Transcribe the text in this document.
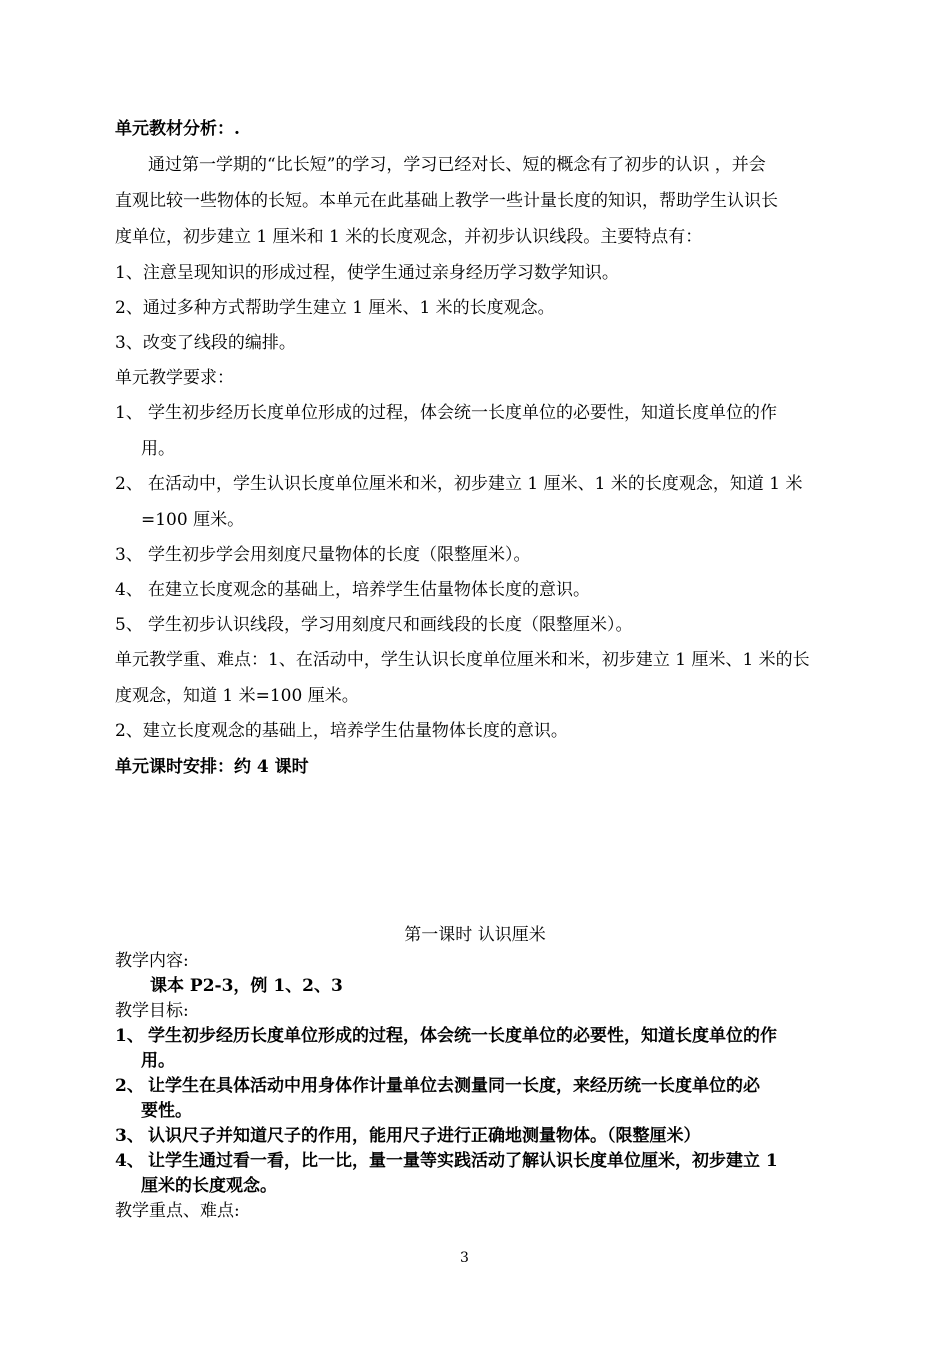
单元教材分析：.
通过第一学期的“比长短”的学习，学习已经对长、短的概念有了初步的认识 ，并会
直观比较一些物体的长短。本单元在此基础上教学一些计量长度的知识，帮助学生认识长
度单位，初步建立 1 厘米和 1 米的长度观念，并初步认识线段。主要特点有：
1、注意呈现知识的形成过程，使学生通过亲身经历学习数学知识。
2、通过多种方式帮助学生建立 1 厘米、1 米的长度观念。
3、改变了线段的编排。
单元教学要求：
1、 学生初步经历长度单位形成的过程，体会统一长度单位的必要性，知道长度单位的作
用。
2、 在活动中，学生认识长度单位厘米和米，初步建立 1 厘米、1 米的长度观念，知道 1 米
=100 厘米。
3、 学生初步学会用刻度尺量物体的长度（限整厘米）。
4、 在建立长度观念的基础上，培养学生估量物体长度的意识。
5、 学生初步认识线段，学习用刻度尺和画线段的长度（限整厘米）。
单元教学重、难点：1、在活动中，学生认识长度单位厘米和米，初步建立 1 厘米、1 米的长
度观念，知道 1 米=100 厘米。
2、建立长度观念的基础上，培养学生估量物体长度的意识。
单元课时安排：约 4 课时
第一课时 认识厘米
教学内容:
课本 P2-3，例 1、2、3
教学目标:
1、 学生初步经历长度单位形成的过程，体会统一长度单位的必要性，知道长度单位的作
用。
2、 让学生在具体活动中用身体作计量单位去测量同一长度，来经历统一长度单位的必
要性。
3、 认识尺子并知道尺子的作用，能用尺子进行正确地测量物体。（限整厘米）
4、 让学生通过看一看，比一比，量一量等实践活动了解认识长度单位厘米，初步建立 1
厘米的长度观念。
教学重点、难点:
3
